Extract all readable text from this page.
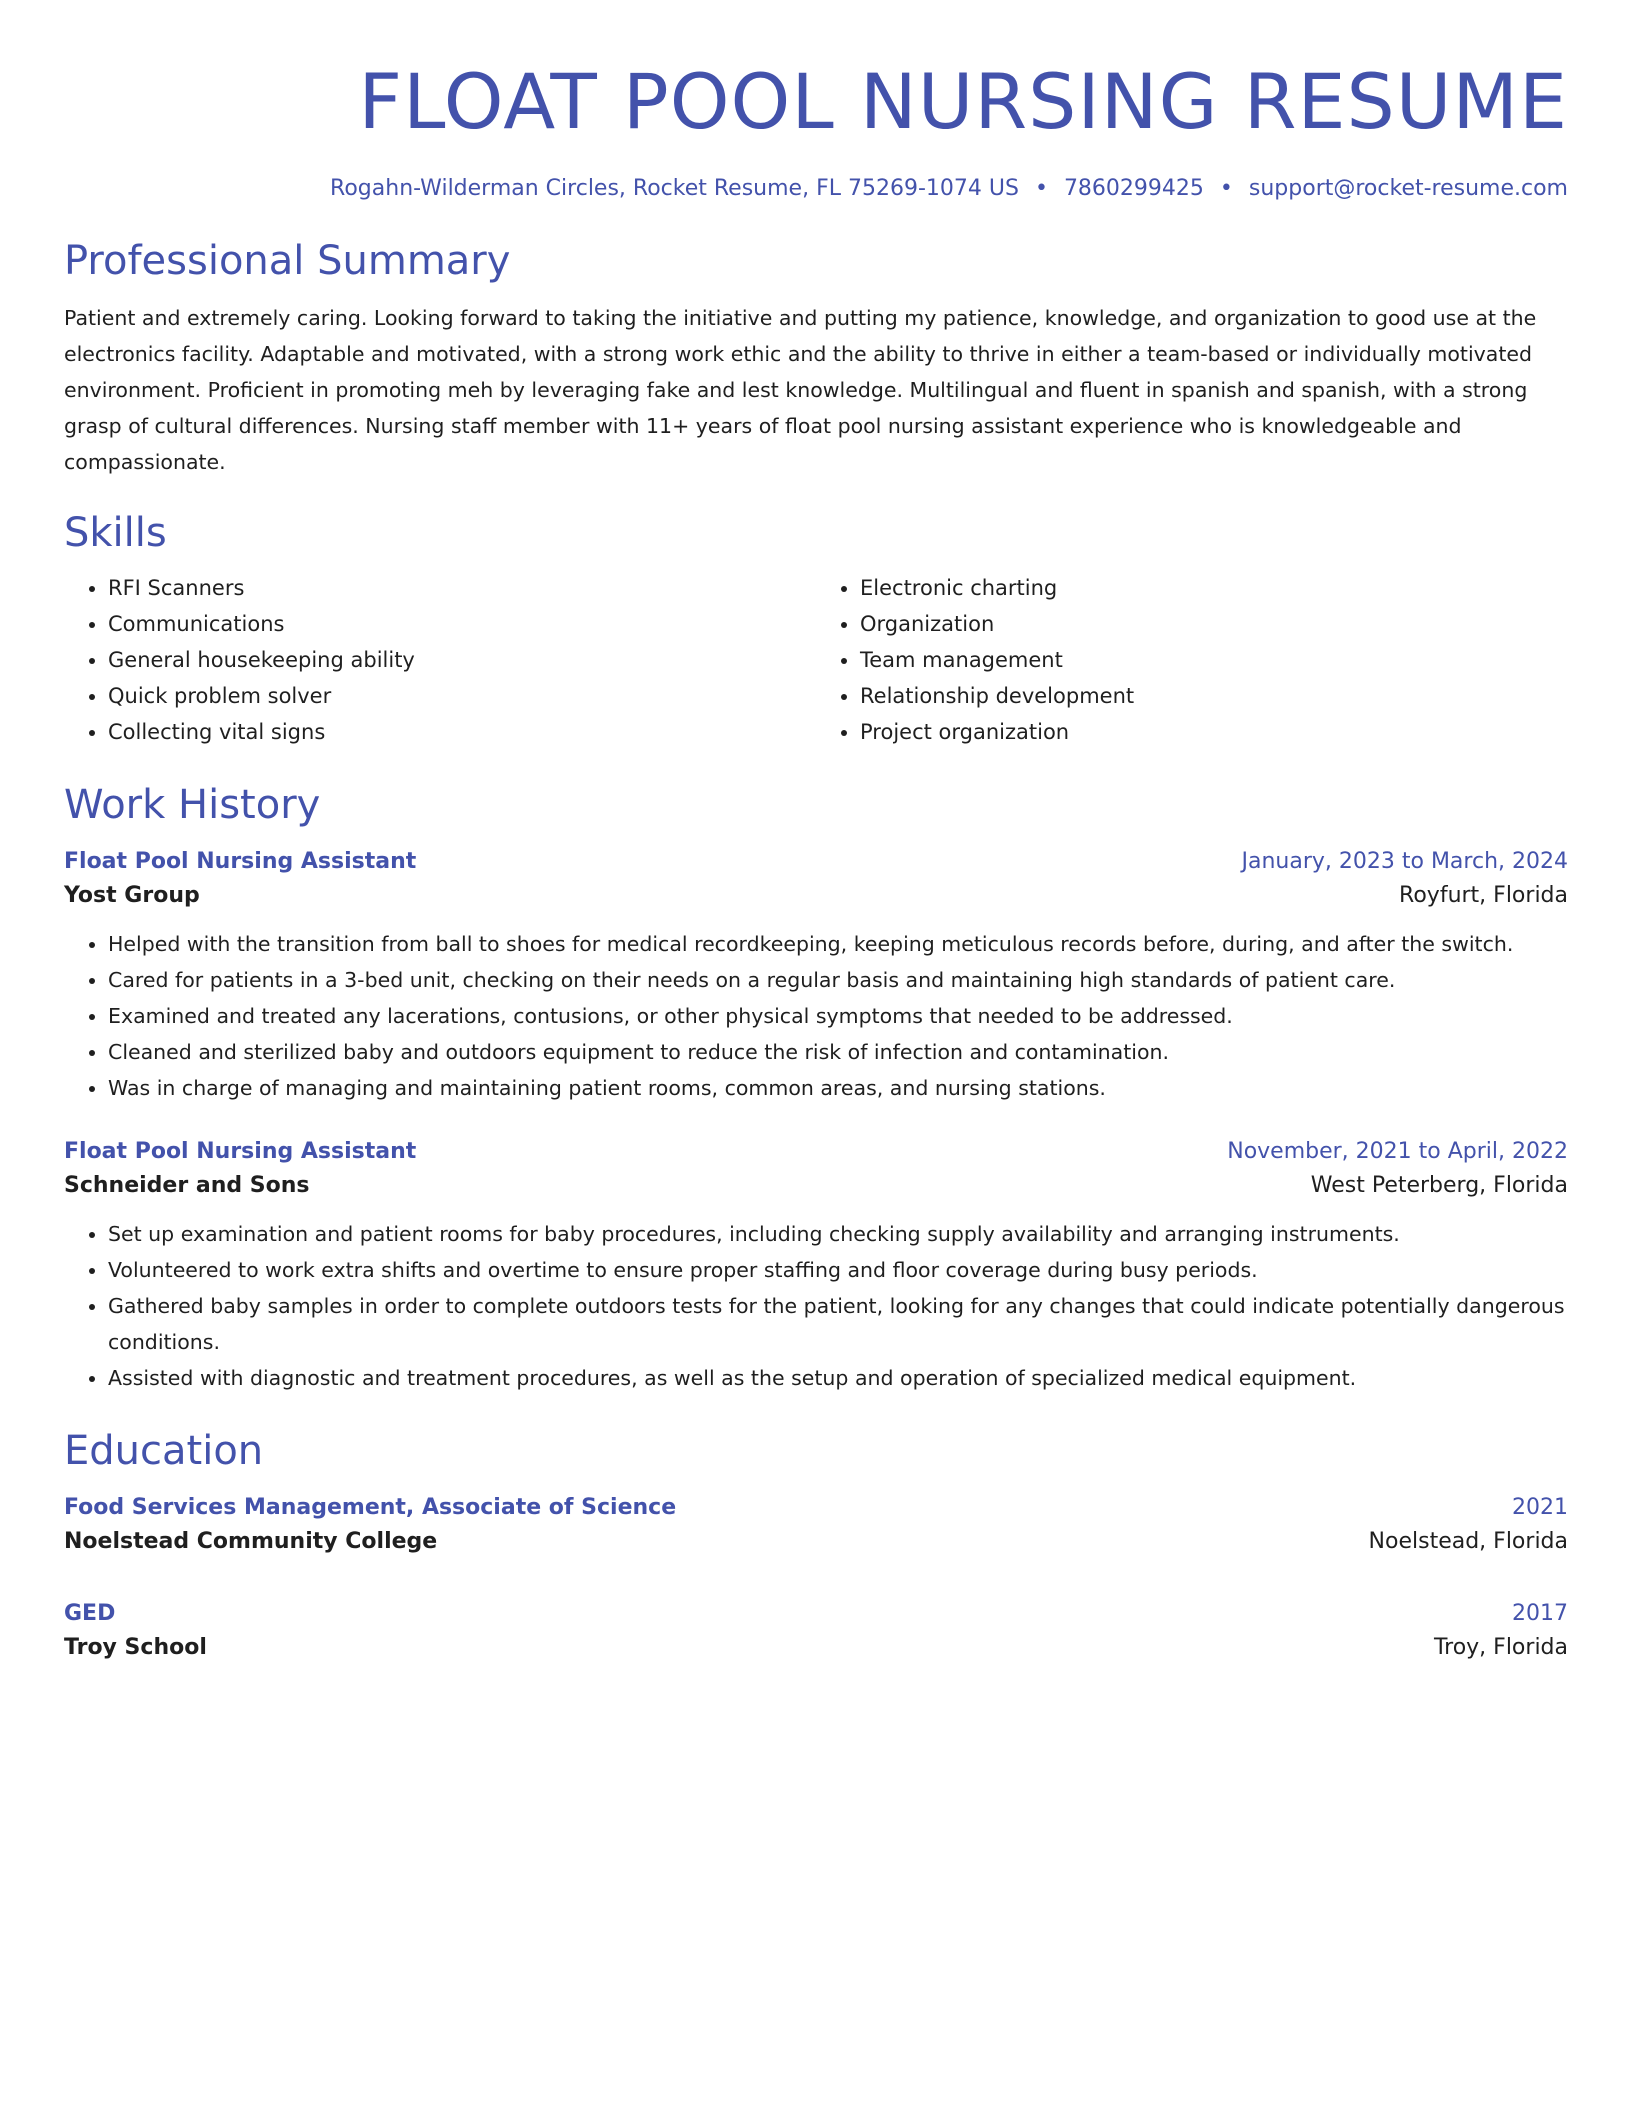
FLOAT POOL NURSING RESUME
Rogahn-Wilderman Circles, Rocket Resume, FL 75269-1074 US • 7860299425 • support@rocket-resume.com
Professional Summary

Patient and extremely caring. Looking forward to taking the initiative and putting my patience, knowledge, and organization to good use at the electronics facility. Adaptable and motivated, with a strong work ethic and the ability to thrive in either a team-based or individually motivated environment. Proficient in promoting meh by leveraging fake and lest knowledge. Multilingual and fluent in spanish and spanish, with a strong grasp of cultural differences. Nursing staff member with 11+ years of float pool nursing assistant experience who is knowledgeable and compassionate.

Skills
• RFI Scanners
• Communications
• General housekeeping ability
• Quick problem solver
• Collecting vital signs
• Electronic charting
• Organization
• Team management
• Relationship development
• Project organization
Work History
Float Pool Nursing Assistant	January, 2023 to March, 2024
Yost Group	Royfurt, Florida
• Helped with the transition from ball to shoes for medical recordkeeping, keeping meticulous records before, during, and after the switch.
• Cared for patients in a 3-bed unit, checking on their needs on a regular basis and maintaining high standards of patient care.
• Examined and treated any lacerations, contusions, or other physical symptoms that needed to be addressed.
• Cleaned and sterilized baby and outdoors equipment to reduce the risk of infection and contamination.
• Was in charge of managing and maintaining patient rooms, common areas, and nursing stations.
Float Pool Nursing Assistant	November, 2021 to April, 2022
Schneider and Sons	West Peterberg, Florida
• Set up examination and patient rooms for baby procedures, including checking supply availability and arranging instruments.
• Volunteered to work extra shifts and overtime to ensure proper staffing and floor coverage during busy periods.
• Gathered baby samples in order to complete outdoors tests for the patient, looking for any changes that could indicate potentially dangerous conditions.
• Assisted with diagnostic and treatment procedures, as well as the setup and operation of specialized medical equipment.
Education
Food Services Management, Associate of Science	2021
Noelstead Community College	Noelstead, Florida
GED	2017
Troy School	Troy, Florida
